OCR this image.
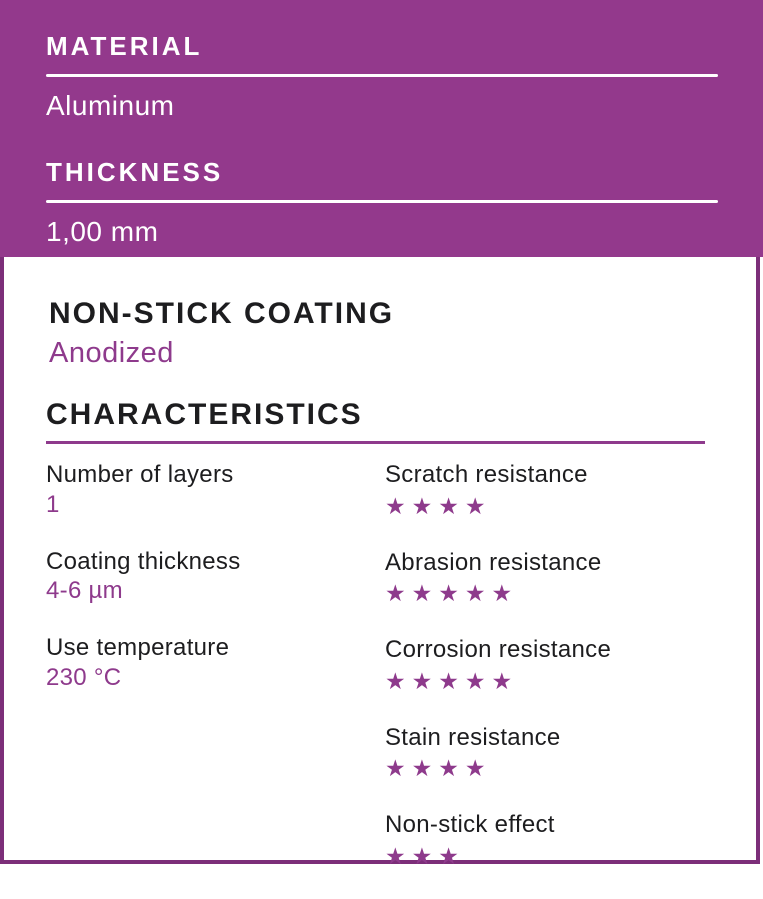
MATERIAL
Aluminum
THICKNESS
1,00 mm
NON-STICK COATING
Anodized
CHARACTERISTICS
Number of layers
1
Coating thickness
4-6 µm
Use temperature
230 °C
Scratch resistance
★★★★
Abrasion resistance
★★★★★
Corrosion resistance
★★★★★
Stain resistance
★★★★
Non-stick effect
★★★
